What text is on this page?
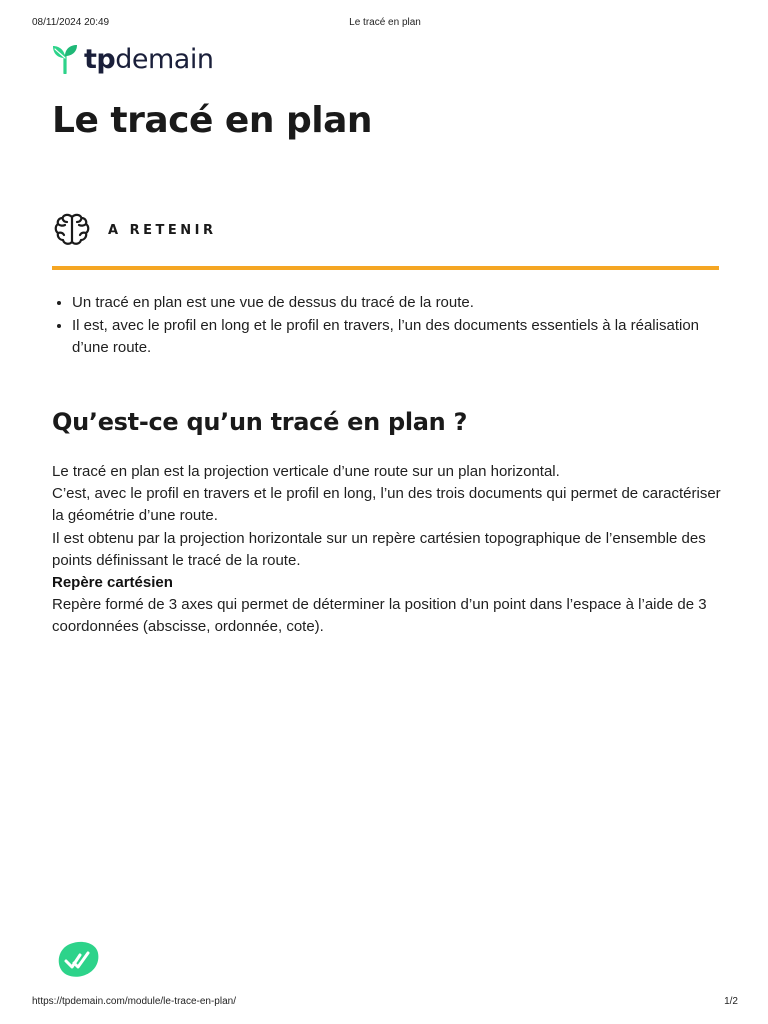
08/11/2024 20:49	Le tracé en plan
tpdemain
Le tracé en plan
A RETENIR
• Un tracé en plan est une vue de dessus du tracé de la route.
• Il est, avec le profil en long et le profil en travers, l’un des documents essentiels à la réalisation d’une route.
Qu’est-ce qu’un tracé en plan ?

Le tracé en plan est la projection verticale d’une route sur un plan horizontal.

C’est, avec le profil en travers et le profil en long, l’un des trois documents qui permet de caractériser la géométrie d’une route.

Il est obtenu par la projection horizontale sur un repère cartésien topographique de l’ensemble des points définissant le tracé de la route.

Repère cartésien

Repère formé de 3 axes qui permet de déterminer la position d’un point dans l’espace à l’aide de 3 coordonnées (abscisse, ordonnée, cote).

https://tpdemain.com/module/le-trace-en-plan/	1/2
